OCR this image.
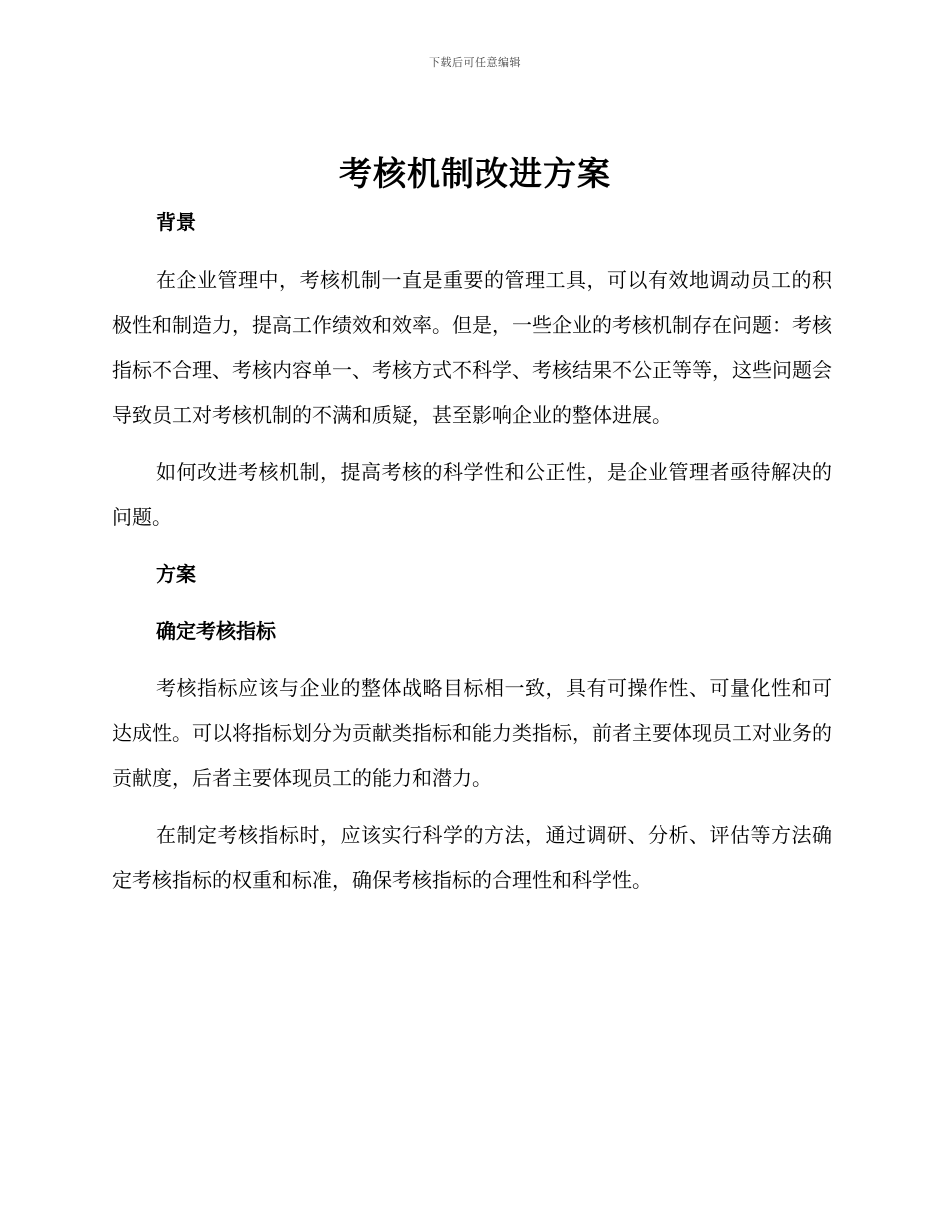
下载后可任意编辑
考核机制改进方案
背景

在企业管理中，考核机制一直是重要的管理工具，可以有效地调动员工的积极性和制造力，提高工作绩效和效率。但是，一些企业的考核机制存在问题：考核指标不合理、考核内容单一、考核方式不科学、考核结果不公正等等，这些问题会导致员工对考核机制的不满和质疑，甚至影响企业的整体进展。

如何改进考核机制，提高考核的科学性和公正性，是企业管理者亟待解决的问题。

方案
确定考核指标

考核指标应该与企业的整体战略目标相一致，具有可操作性、可量化性和可达成性。可以将指标划分为贡献类指标和能力类指标，前者主要体现员工对业务的贡献度，后者主要体现员工的能力和潜力。

在制定考核指标时，应该实行科学的方法，通过调研、分析、评估等方法确定考核指标的权重和标准，确保考核指标的合理性和科学性。
